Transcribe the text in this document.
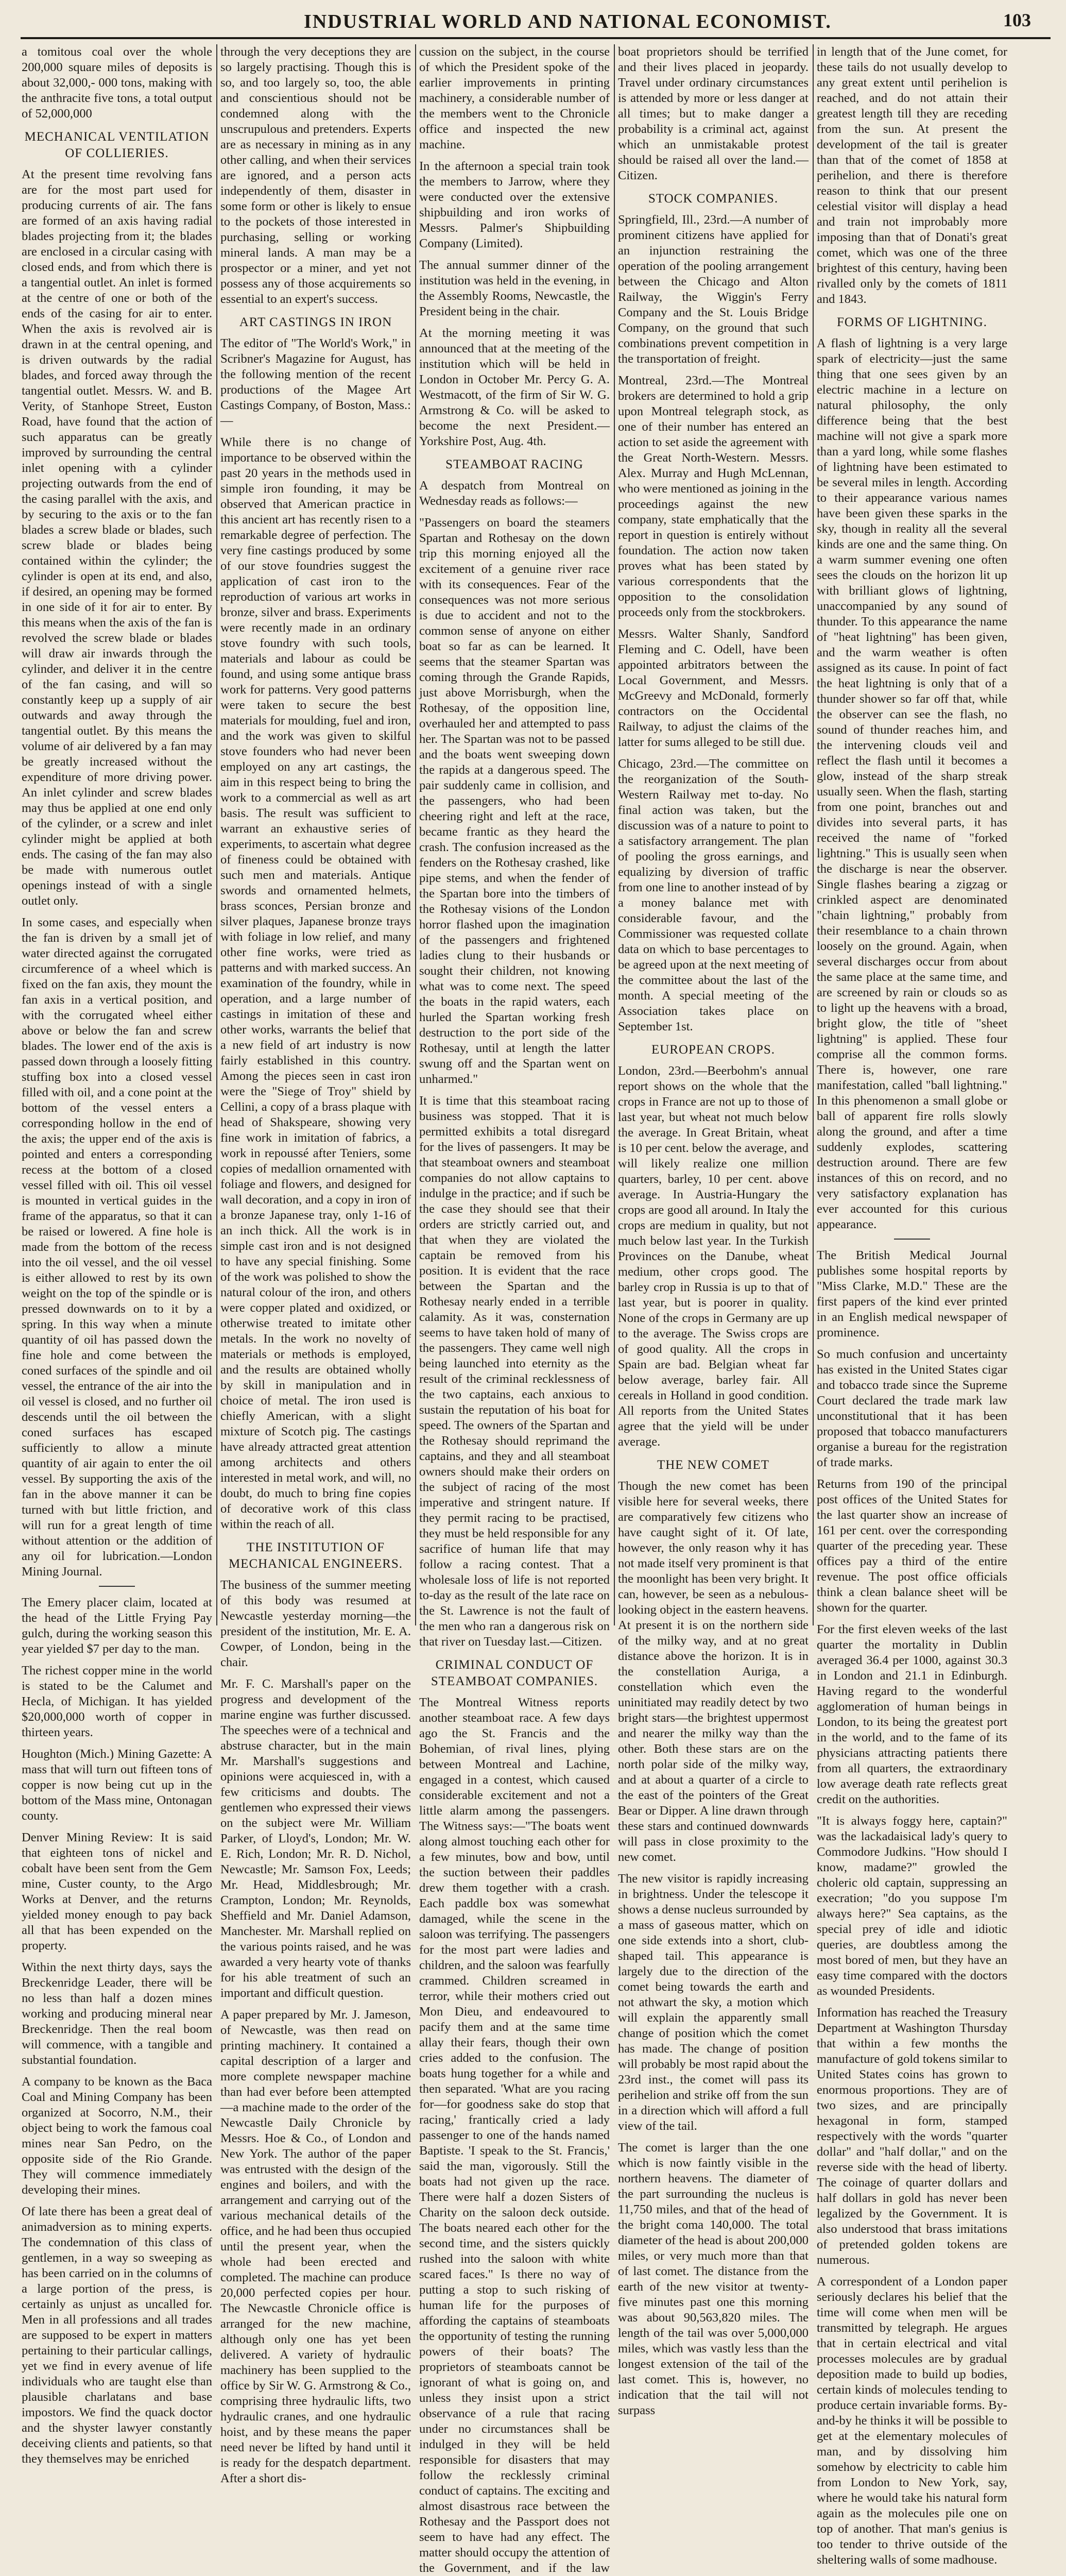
INDUSTRIAL WORLD AND NATIONAL ECONOMIST.	103

a tomitous coal over the whole 200,000 square miles of deposits is about 32,000,- 000 tons, making with the anthracite five tons, a total output of 52,000,000

MECHANICAL VENTILATION OF COLLIERIES.

At the present time revolving fans are for the most part used for producing currents of air. The fans are formed of an axis having radial blades projecting from it; the blades are enclosed in a circular casing with closed ends, and from which there is a tangential outlet. An inlet is formed at the centre of one or both of the ends of the casing for air to enter. When the axis is revolved air is drawn in at the central opening, and is driven outwards by the radial blades, and forced away through the tangential outlet. Messrs. W. and B. Verity, of Stanhope Street, Euston Road, have found that the action of such apparatus can be greatly improved by surrounding the central inlet opening with a cylinder projecting outwards from the end of the casing parallel with the axis, and by securing to the axis or to the fan blades a screw blade or blades, such screw blade or blades being contained within the cylinder; the cylinder is open at its end, and also, if desired, an opening may be formed in one side of it for air to enter. By this means when the axis of the fan is revolved the screw blade or blades will draw air inwards through the cylinder, and deliver it in the centre of the fan casing, and will so constantly keep up a supply of air outwards and away through the tangential outlet. By this means the volume of air delivered by a fan may be greatly increased without the expenditure of more driving power. An inlet cylinder and screw blades may thus be applied at one end only of the cylinder, or a screw and inlet cylinder might be applied at both ends. The casing of the fan may also be made with numerous outlet openings instead of with a single outlet only.

In some cases, and especially when the fan is driven by a small jet of water directed against the corrugated circumference of a wheel which is fixed on the fan axis, they mount the fan axis in a vertical position, and with the corrugated wheel either above or below the fan and screw blades. The lower end of the axis is passed down through a loosely fitting stuffing box into a closed vessel filled with oil, and a cone point at the bottom of the vessel enters a corresponding hollow in the end of the axis; the upper end of the axis is pointed and enters a corresponding recess at the bottom of a closed vessel filled with oil. This oil vessel is mounted in vertical guides in the frame of the apparatus, so that it can be raised or lowered. A fine hole is made from the bottom of the recess into the oil vessel, and the oil vessel is either allowed to rest by its own weight on the top of the spindle or is pressed downwards on to it by a spring. In this way when a minute quantity of oil has passed down the fine hole and come between the coned surfaces of the spindle and oil vessel, the entrance of the air into the oil vessel is closed, and no further oil descends until the oil between the coned surfaces has escaped sufficiently to allow a minute quantity of air again to enter the oil vessel. By supporting the axis of the fan in the above manner it can be turned with but little friction, and will run for a great length of time without attention or the addition of any oil for lubrication.—London Mining Journal.

The Emery placer claim, located at the head of the Little Frying Pay gulch, during the working season this year yielded $7 per day to the man.

The richest copper mine in the world is stated to be the Calumet and Hecla, of Michigan. It has yielded $20,000,000 worth of copper in thirteen years.

Houghton (Mich.) Mining Gazette: A mass that will turn out fifteen tons of copper is now being cut up in the bottom of the Mass mine, Ontonagan county.

Denver Mining Review: It is said that eighteen tons of nickel and cobalt have been sent from the Gem mine, Custer county, to the Argo Works at Denver, and the returns yielded money enough to pay back all that has been expended on the property.

Within the next thirty days, says the Breckenridge Leader, there will be no less than half a dozen mines working and producing mineral near Breckenridge. Then the real boom will commence, with a tangible and substantial foundation.

A company to be known as the Baca Coal and Mining Company has been organized at Socorro, N.M., their object being to work the famous coal mines near San Pedro, on the opposite side of the Rio Grande. They will commence immediately developing their mines.

Of late there has been a great deal of animadversion as to mining experts. The condemnation of this class of gentlemen, in a way so sweeping as has been carried on in the columns of a large portion of the press, is certainly as unjust as uncalled for. Men in all professions and all trades are supposed to be expert in matters pertaining to their particular callings, yet we find in every avenue of life individuals who are taught else than plausible charlatans and base impostors. We find the quack doctor and the shyster lawyer constantly deceiving clients and patients, so that they themselves may be enriched

through the very deceptions they are so largely practising. Though this is so, and too largely so, too, the able and conscientious should not be condemned along with the unscrupulous and pretenders. Experts are as necessary in mining as in any other calling, and when their services are ignored, and a person acts independently of them, disaster in some form or other is likely to ensue to the pockets of those interested in purchasing, selling or working mineral lands. A man may be a prospector or a miner, and yet not possess any of those acquirements so essential to an expert's success.

ART CASTINGS IN IRON

The editor of "The World's Work," in Scribner's Magazine for August, has the following mention of the recent productions of the Magee Art Castings Company, of Boston, Mass.:—

While there is no change of importance to be observed within the past 20 years in the methods used in simple iron founding, it may be observed that American practice in this ancient art has recently risen to a remarkable degree of perfection. The very fine castings produced by some of our stove foundries suggest the application of cast iron to the reproduction of various art works in bronze, silver and brass. Experiments were recently made in an ordinary stove foundry with such tools, materials and labour as could be found, and using some antique brass work for patterns. Very good patterns were taken to secure the best materials for moulding, fuel and iron, and the work was given to skilful stove founders who had never been employed on any art castings, the aim in this respect being to bring the work to a commercial as well as art basis. The result was sufficient to warrant an exhaustive series of experiments, to ascertain what degree of fineness could be obtained with such men and materials. Antique swords and ornamented helmets, brass sconces, Persian bronze and silver plaques, Japanese bronze trays with foliage in low relief, and many other fine works, were tried as patterns and with marked success. An examination of the foundry, while in operation, and a large number of castings in imitation of these and other works, warrants the belief that a new field of art industry is now fairly established in this country. Among the pieces seen in cast iron were the "Siege of Troy" shield by Cellini, a copy of a brass plaque with head of Shakspeare, showing very fine work in imitation of fabrics, a work in repoussé after Teniers, some copies of medallion ornamented with foliage and flowers, and designed for wall decoration, and a copy in iron of a bronze Japanese tray, only 1-16 of an inch thick. All the work is in simple cast iron and is not designed to have any special finishing. Some of the work was polished to show the natural colour of the iron, and others were copper plated and oxidized, or otherwise treated to imitate other metals. In the work no novelty of materials or methods is employed, and the results are obtained wholly by skill in manipulation and in choice of metal. The iron used is chiefly American, with a slight mixture of Scotch pig. The castings have already attracted great attention among architects and others interested in metal work, and will, no doubt, do much to bring fine copies of decorative work of this class within the reach of all.

THE INSTITUTION OF MECHANICAL ENGINEERS.

The business of the summer meeting of this body was resumed at Newcastle yesterday morning—the president of the institution, Mr. E. A. Cowper, of London, being in the chair.

Mr. F. C. Marshall's paper on the progress and development of the marine engine was further discussed. The speeches were of a technical and abstruse character, but in the main Mr. Marshall's suggestions and opinions were acquiesced in, with a few criticisms and doubts. The gentlemen who expressed their views on the subject were Mr. William Parker, of Lloyd's, London; Mr. W. E. Rich, London; Mr. R. D. Nichol, Newcastle; Mr. Samson Fox, Leeds; Mr. Head, Middlesbrough; Mr. Crampton, London; Mr. Reynolds, Sheffield and Mr. Daniel Adamson, Manchester. Mr. Marshall replied on the various points raised, and he was awarded a very hearty vote of thanks for his able treatment of such an important and difficult question.

A paper prepared by Mr. J. Jameson, of Newcastle, was then read on printing machinery. It contained a capital description of a larger and more complete newspaper machine than had ever before been attempted—a machine made to the order of the Newcastle Daily Chronicle by Messrs. Hoe & Co., of London and New York. The author of the paper was entrusted with the design of the engines and boilers, and with the arrangement and carrying out of the various mechanical details of the office, and he had been thus occupied until the present year, when the whole had been erected and completed. The machine can produce 20,000 perfected copies per hour. The Newcastle Chronicle office is arranged for the new machine, although only one has yet been delivered. A variety of hydraulic machinery has been supplied to the office by Sir W. G. Armstrong & Co., comprising three hydraulic lifts, two hydraulic cranes, and one hydraulic hoist, and by these means the paper need never be lifted by hand until it is ready for the despatch department. After a short dis-

cussion on the subject, in the course of which the President spoke of the earlier improvements in printing machinery, a considerable number of the members went to the Chronicle office and inspected the new machine.

In the afternoon a special train took the members to Jarrow, where they were conducted over the extensive shipbuilding and iron works of Messrs. Palmer's Shipbuilding Company (Limited).

The annual summer dinner of the institution was held in the evening, in the Assembly Rooms, Newcastle, the President being in the chair.

At the morning meeting it was announced that at the meeting of the institution which will be held in London in October Mr. Percy G. A. Westmacott, of the firm of Sir W. G. Armstrong & Co. will be asked to become the next President.—Yorkshire Post, Aug. 4th.

STEAMBOAT RACING

A despatch from Montreal on Wednesday reads as follows:—

"Passengers on board the steamers Spartan and Rothesay on the down trip this morning enjoyed all the excitement of a genuine river race with its consequences. Fear of the consequences was not more serious is due to accident and not to the common sense of anyone on either boat so far as can be learned. It seems that the steamer Spartan was coming through the Grande Rapids, just above Morrisburgh, when the Rothesay, of the opposition line, overhauled her and attempted to pass her. The Spartan was not to be passed and the boats went sweeping down the rapids at a dangerous speed. The pair suddenly came in collision, and the passengers, who had been cheering right and left at the race, became frantic as they heard the crash. The confusion increased as the fenders on the Rothesay crashed, like pipe stems, and when the fender of the Spartan bore into the timbers of the Rothesay visions of the London horror flashed upon the imagination of the passengers and frightened ladies clung to their husbands or sought their children, not knowing what was to come next. The speed the boats in the rapid waters, each hurled the Spartan working fresh destruction to the port side of the Rothesay, until at length the latter swung off and the Spartan went on unharmed."

It is time that this steamboat racing business was stopped. That it is permitted exhibits a total disregard for the lives of passengers. It may be that steamboat owners and steamboat companies do not allow captains to indulge in the practice; and if such be the case they should see that their orders are strictly carried out, and that when they are violated the captain be removed from his position. It is evident that the race between the Spartan and the Rothesay nearly ended in a terrible calamity. As it was, consternation seems to have taken hold of many of the passengers. They came well nigh being launched into eternity as the result of the criminal recklessness of the two captains, each anxious to sustain the reputation of his boat for speed. The owners of the Spartan and the Rothesay should reprimand the captains, and they and all steamboat owners should make their orders on the subject of racing of the most imperative and stringent nature. If they permit racing to be practised, they must be held responsible for any sacrifice of human life that may follow a racing contest. That a wholesale loss of life is not reported to-day as the result of the late race on the St. Lawrence is not the fault of the men who ran a dangerous risk on that river on Tuesday last.—Citizen.

CRIMINAL CONDUCT OF STEAMBOAT COMPANIES.

The Montreal Witness reports another steamboat race. A few days ago the St. Francis and the Bohemian, of rival lines, plying between Montreal and Lachine, engaged in a contest, which caused considerable excitement and not a little alarm among the passengers. The Witness says:—"The boats went along almost touching each other for a few minutes, bow and bow, until the suction between their paddles drew them together with a crash. Each paddle box was somewhat damaged, while the scene in the saloon was terrifying. The passengers for the most part were ladies and children, and the saloon was fearfully crammed. Children screamed in terror, while their mothers cried out Mon Dieu, and endeavoured to pacify them and at the same time allay their fears, though their own cries added to the confusion. The boats hung together for a while and then separated. 'What are you racing for—for goodness sake do stop that racing,' frantically cried a lady passenger to one of the hands named Baptiste. 'I speak to the St. Francis,' said the man, vigorously. Still the boats had not given up the race. There were half a dozen Sisters of Charity on the saloon deck outside. The boats neared each other for the second time, and the sisters quickly rushed into the saloon with white scared faces." Is there no way of putting a stop to such risking of human life for the purposes of affording the captains of steamboats the opportunity of testing the running powers of their boats? The proprietors of steamboats cannot be ignorant of what is going on, and unless they insist upon a strict observance of a rule that racing under no circumstances shall be indulged in they will be held responsible for disasters that may follow the recklessly criminal conduct of captains. The exciting and almost disastrous race between the Rothesay and the Passport does not seem to have had any effect. The matter should occupy the attention of the Government, and if the law

boat proprietors should be terrified and their lives placed in jeopardy. Travel under ordinary circumstances is attended by more or less danger at all times; but to make danger a probability is a criminal act, against which an unmistakable protest should be raised all over the land.—Citizen.

STOCK COMPANIES.

Springfield, Ill., 23rd.—A number of prominent citizens have applied for an injunction restraining the operation of the pooling arrangement between the Chicago and Alton Railway, the Wiggin's Ferry Company and the St. Louis Bridge Company, on the ground that such combinations prevent competition in the transportation of freight.

Montreal, 23rd.—The Montreal brokers are determined to hold a grip upon Montreal telegraph stock, as one of their number has entered an action to set aside the agreement with the Great North-Western. Messrs. Alex. Murray and Hugh McLennan, who were mentioned as joining in the proceedings against the new company, state emphatically that the report in question is entirely without foundation. The action now taken proves what has been stated by various correspondents that the opposition to the consolidation proceeds only from the stockbrokers.

Messrs. Walter Shanly, Sandford Fleming and C. Odell, have been appointed arbitrators between the Local Government, and Messrs. McGreevy and McDonald, formerly contractors on the Occidental Railway, to adjust the claims of the latter for sums alleged to be still due.

Chicago, 23rd.—The committee on the reorganization of the South-Western Railway met to-day. No final action was taken, but the discussion was of a nature to point to a satisfactory arrangement. The plan of pooling the gross earnings, and equalizing by diversion of traffic from one line to another instead of by a money balance met with considerable favour, and the Commissioner was requested collate data on which to base percentages to be agreed upon at the next meeting of the committee about the last of the month. A special meeting of the Association takes place on September 1st.

EUROPEAN CROPS.

London, 23rd.—Beerbohm's annual report shows on the whole that the crops in France are not up to those of last year, but wheat not much below the average. In Great Britain, wheat is 10 per cent. below the average, and will likely realize one million quarters, barley, 10 per cent. above average. In Austria-Hungary the crops are good all around. In Italy the crops are medium in quality, but not much below last year. In the Turkish Provinces on the Danube, wheat medium, other crops good. The barley crop in Russia is up to that of last year, but is poorer in quality. None of the crops in Germany are up to the average. The Swiss crops are of good quality. All the crops in Spain are bad. Belgian wheat far below average, barley fair. All cereals in Holland in good condition. All reports from the United States agree that the yield will be under average.

THE NEW COMET

Though the new comet has been visible here for several weeks, there are comparatively few citizens who have caught sight of it. Of late, however, the only reason why it has not made itself very prominent is that the moonlight has been very bright. It can, however, be seen as a nebulous-looking object in the eastern heavens. At present it is on the northern side of the milky way, and at no great distance above the horizon. It is in the constellation Auriga, a constellation which even the uninitiated may readily detect by two bright stars—the brightest uppermost and nearer the milky way than the other. Both these stars are on the north polar side of the milky way, and at about a quarter of a circle to the east of the pointers of the Great Bear or Dipper. A line drawn through these stars and continued downwards will pass in close proximity to the new comet.

The new visitor is rapidly increasing in brightness. Under the telescope it shows a dense nucleus surrounded by a mass of gaseous matter, which on one side extends into a short, club-shaped tail. This appearance is largely due to the direction of the comet being towards the earth and not athwart the sky, a motion which will explain the apparently small change of position which the comet has made. The change of position will probably be most rapid about the 23rd inst., the comet will pass its perihelion and strike off from the sun in a direction which will afford a full view of the tail.

The comet is larger than the one which is now faintly visible in the northern heavens. The diameter of the part surrounding the nucleus is 11,750 miles, and that of the head of the bright coma 140,000. The total diameter of the head is about 200,000 miles, or very much more than that of last comet. The distance from the earth of the new visitor at twenty-five minutes past one this morning was about 90,563,820 miles. The length of the tail was over 5,000,000 miles, which was vastly less than the longest extension of the tail of the last comet. This is, however, no indication that the tail will not surpass

in length that of the June comet, for these tails do not usually develop to any great extent until perihelion is reached, and do not attain their greatest length till they are receding from the sun. At present the development of the tail is greater than that of the comet of 1858 at perihelion, and there is therefore reason to think that our present celestial visitor will display a head and train not improbably more imposing than that of Donati's great comet, which was one of the three brightest of this century, having been rivalled only by the comets of 1811 and 1843.

FORMS OF LIGHTNING.

A flash of lightning is a very large spark of electricity—just the same thing that one sees given by an electric machine in a lecture on natural philosophy, the only difference being that the best machine will not give a spark more than a yard long, while some flashes of lightning have been estimated to be several miles in length. According to their appearance various names have been given these sparks in the sky, though in reality all the several kinds are one and the same thing. On a warm summer evening one often sees the clouds on the horizon lit up with brilliant glows of lightning, unaccompanied by any sound of thunder. To this appearance the name of "heat lightning" has been given, and the warm weather is often assigned as its cause. In point of fact the heat lightning is only that of a thunder shower so far off that, while the observer can see the flash, no sound of thunder reaches him, and the intervening clouds veil and reflect the flash until it becomes a glow, instead of the sharp streak usually seen. When the flash, starting from one point, branches out and divides into several parts, it has received the name of "forked lightning." This is usually seen when the discharge is near the observer. Single flashes bearing a zigzag or crinkled aspect are denominated "chain lightning," probably from their resemblance to a chain thrown loosely on the ground. Again, when several discharges occur from about the same place at the same time, and are screened by rain or clouds so as to light up the heavens with a broad, bright glow, the title of "sheet lightning" is applied. These four comprise all the common forms. There is, however, one rare manifestation, called "ball lightning." In this phenomenon a small globe or ball of apparent fire rolls slowly along the ground, and after a time suddenly explodes, scattering destruction around. There are few instances of this on record, and no very satisfactory explanation has ever accounted for this curious appearance.

The British Medical Journal publishes some hospital reports by "Miss Clarke, M.D." These are the first papers of the kind ever printed in an English medical newspaper of prominence.

So much confusion and uncertainty has existed in the United States cigar and tobacco trade since the Supreme Court declared the trade mark law unconstitutional that it has been proposed that tobacco manufacturers organise a bureau for the registration of trade marks.

Returns from 190 of the principal post offices of the United States for the last quarter show an increase of 161 per cent. over the corresponding quarter of the preceding year. These offices pay a third of the entire revenue. The post office officials think a clean balance sheet will be shown for the quarter.

For the first eleven weeks of the last quarter the mortality in Dublin averaged 36.4 per 1000, against 30.3 in London and 21.1 in Edinburgh. Having regard to the wonderful agglomeration of human beings in London, to its being the greatest port in the world, and to the fame of its physicians attracting patients there from all quarters, the extraordinary low average death rate reflects great credit on the authorities.

"It is always foggy here, captain?" was the lackadaisical lady's query to Commodore Judkins. "How should I know, madame?" growled the choleric old captain, suppressing an execration; "do you suppose I'm always here?" Sea captains, as the special prey of idle and idiotic queries, are doubtless among the most bored of men, but they have an easy time compared with the doctors as wounded Presidents.

Information has reached the Treasury Department at Washington Thursday that within a few months the manufacture of gold tokens similar to United States coins has grown to enormous proportions. They are of two sizes, and are principally hexagonal in form, stamped respectively with the words "quarter dollar" and "half dollar," and on the reverse side with the head of liberty. The coinage of quarter dollars and half dollars in gold has never been legalized by the Government. It is also understood that brass imitations of pretended golden tokens are numerous.

A correspondent of a London paper seriously declares his belief that the time will come when men will be transmitted by telegraph. He argues that in certain electrical and vital processes molecules are by gradual deposition made to build up bodies, certain kinds of molecules tending to produce certain invariable forms. By-and-by he thinks it will be possible to get at the elementary molecules of man, and by dissolving him somehow by electricity to cable him from London to New York, say, where he would take his natural form again as the molecules pile one on top of another. That man's genius is too tender to thrive outside of the sheltering walls of some madhouse.
